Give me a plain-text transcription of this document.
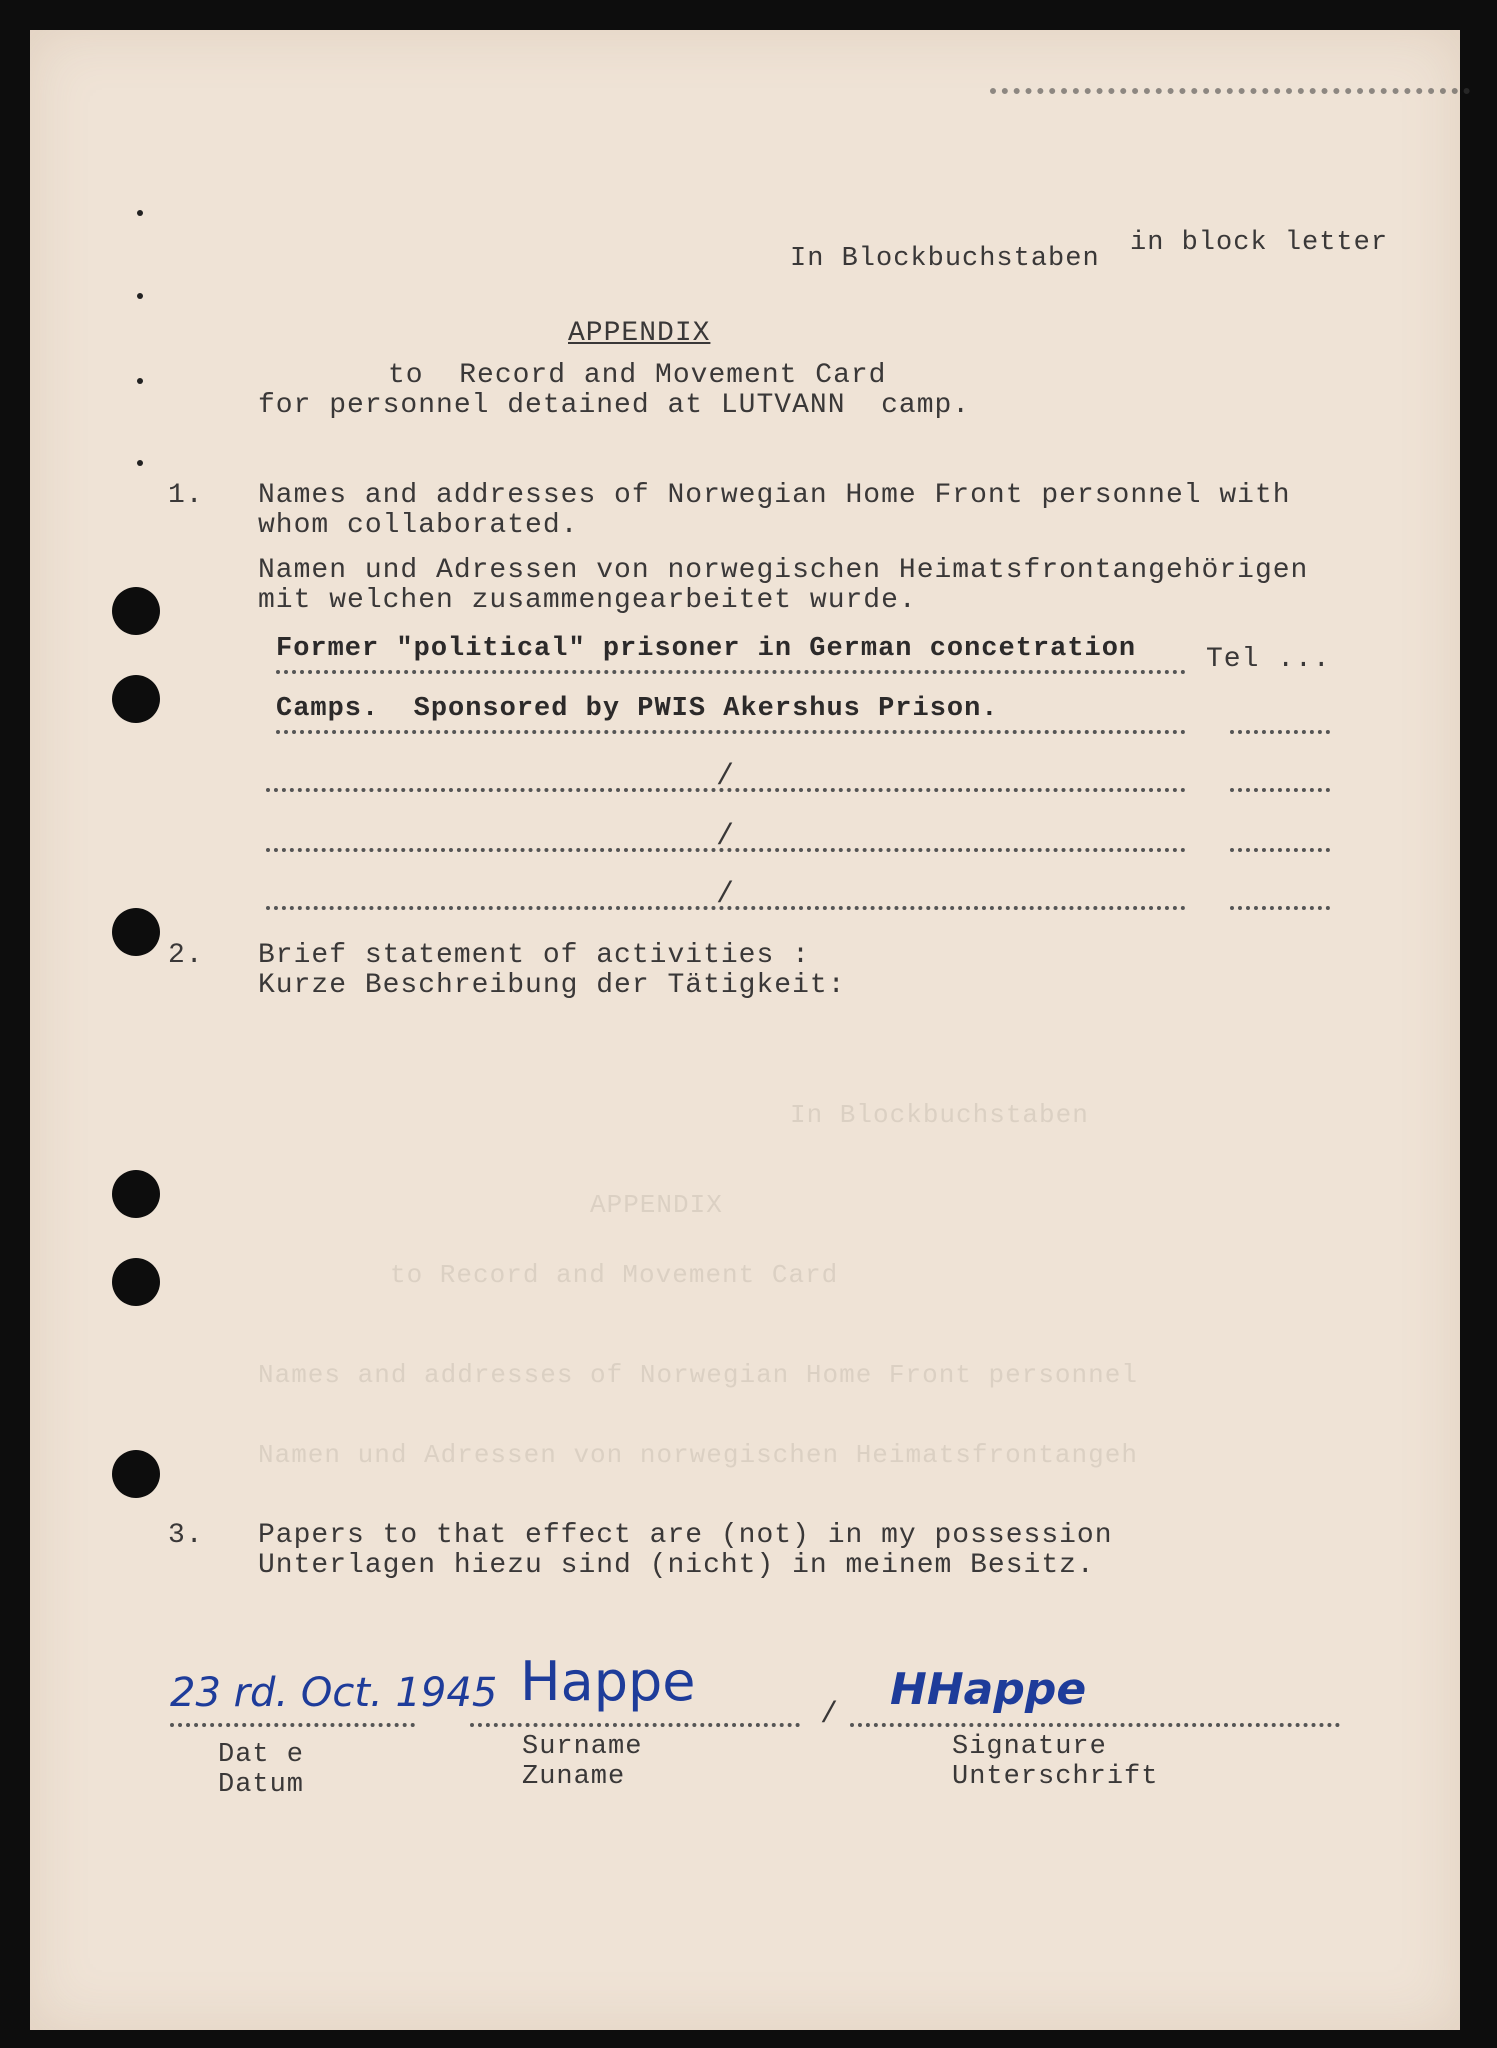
in block letter
In Blockbuchstaben
APPENDIX
to  Record and Movement Card
for personnel detained at LUTVANN  camp.
1. Names and addresses of Norwegian Home Front personnel with
whom collaborated.
Namen und Adressen von norwegischen Heimatsfrontangehörigen
mit welchen zusammengearbeitet wurde.
Former "political" prisoner in German concetration Tel ...
Camps.  Sponsored by PWIS Akershus Prison.
/
/
/
2. Brief statement of activities :
Kurze Beschreibung der Tätigkeit:
In Blockbuchstaben
APPENDIX
to Record and Movement Card
Names and addresses of Norwegian Home Front personnel
Namen und Adressen von norwegischen Heimatsfrontangeh
3. Papers to that effect are (not) in my possession
Unterlagen hiezu sind (nicht) in meinem Besitz.
23 rd. Oct. 1945 Happe
/ HHappe
Dat e
Datum
Surname
Zuname
Signature
Unterschrift
